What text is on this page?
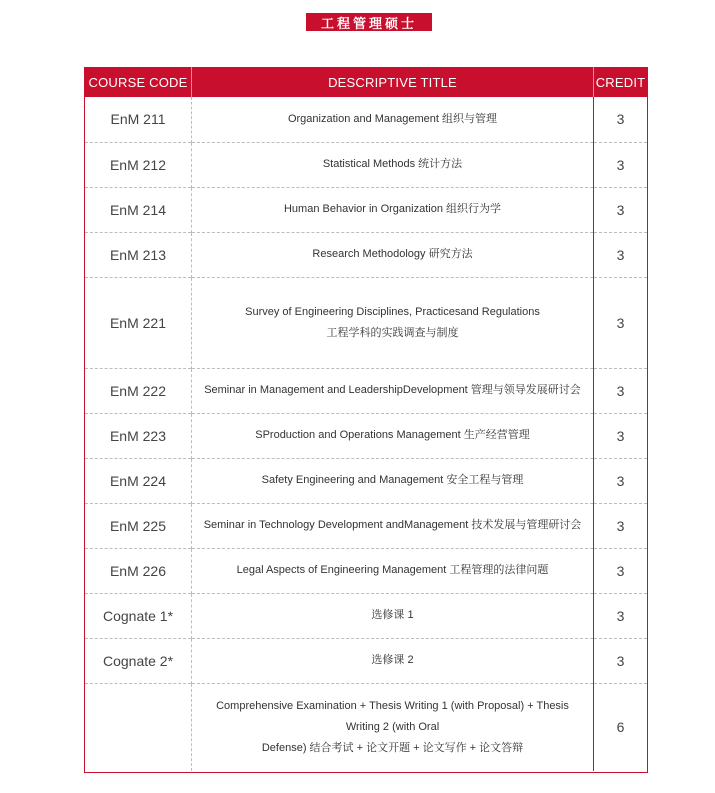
工程管理硕士
COURSE CODE	DESCRIPTIVE TITLE	CREDIT
EnM 211	Organization and Management 组织与管理	3
EnM 212	Statistical Methods 统计方法	3
EnM 214	Human Behavior in Organization 组织行为学	3
EnM 213	Research Methodology 研究方法	3
EnM 221	Survey of Engineering Disciplines, Practicesand Regulations
工程学科的实践调查与制度	3
EnM 222	Seminar in Management and LeadershipDevelopment 管理与领导发展研讨会	3
EnM 223	SProduction and Operations Management 生产经营管理	3
EnM 224	Safety Engineering and Management 安全工程与管理	3
EnM 225	Seminar in Technology Development andManagement 技术发展与管理研讨会	3
EnM 226	Legal Aspects of Engineering Management 工程管理的法律问题	3
Cognate 1*	选修课 1	3
Cognate 2*	选修课 2	3

	Comprehensive Examination + Thesis Writing 1 (with Proposal) + Thesis
Writing 2 (with Oral
Defense) 结合考试 + 论文开题 + 论文写作 + 论文答辩	6
